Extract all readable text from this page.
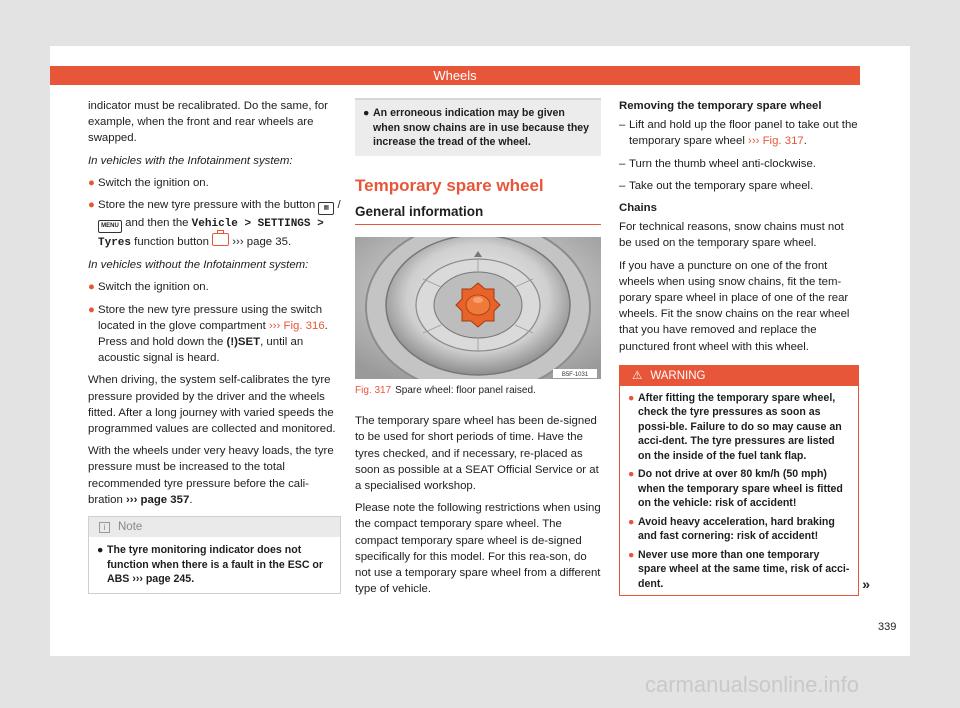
Wheels

indicator must be recalibrated. Do the same, for example, when the front and rear wheels are swapped.

In vehicles with the Infotainment system:

● Switch the ignition on.
● Store the new tyre pressure with the button ▦ / MENU and then the Vehicle > SETTINGS > Tyres function button  ››› page 35.

In vehicles without the Infotainment system:

● Switch the ignition on.
● Store the new tyre pressure using the switch located in the glove compartment ››› Fig. 316. Press and hold down the (!)SET, until an acoustic signal is heard.

When driving, the system self-calibrates the tyre pressure provided by the driver and the wheels fitted. After a long journey with varied speeds the programmed values are collected and monitored.

With the wheels under very heavy loads, the tyre pressure must be increased to the total recommended tyre pressure before the cali-bration ››› page 357.

i Note
● The tyre monitoring indicator does not function when there is a fault in the ESC or ABS ››› page 245.
● An erroneous indication may be given when snow chains are in use because they increase the tread of the wheel.
Temporary spare wheel
General information
B5F-1031
Fig. 317 Spare wheel: floor panel raised.

The temporary spare wheel has been de-signed to be used for short periods of time. Have the tyres checked, and if necessary, re-placed as soon as possible at a SEAT Official Service or at a specialised workshop.

Please note the following restrictions when using the compact temporary spare wheel. The compact temporary spare wheel is de-signed specifically for this model. For this rea-son, do not use a temporary spare wheel from a different type of vehicle.

Removing the temporary spare wheel

– Lift and hold up the floor panel to take out the temporary spare wheel ››› Fig. 317.
– Turn the thumb wheel anti-clockwise.
– Take out the temporary spare wheel.

Chains

For technical reasons, snow chains must not be used on the temporary spare wheel.

If you have a puncture on one of the front wheels when using snow chains, fit the tem-porary spare wheel in place of one of the rear wheels. Fit the snow chains on the rear wheel that you have removed and replace the punctured front wheel with this wheel.

⚠ WARNING
● After fitting the temporary spare wheel, check the tyre pressures as soon as possi-ble. Failure to do so may cause an acci-dent. The tyre pressures are listed on the inside of the fuel tank flap.
● Do not drive at over 80 km/h (50 mph) when the temporary spare wheel is fitted on the vehicle: risk of accident!
● Avoid heavy acceleration, hard braking and fast cornering: risk of accident!
● Never use more than one temporary spare wheel at the same time, risk of acci-dent.	»
339
carmanualsonline.info
